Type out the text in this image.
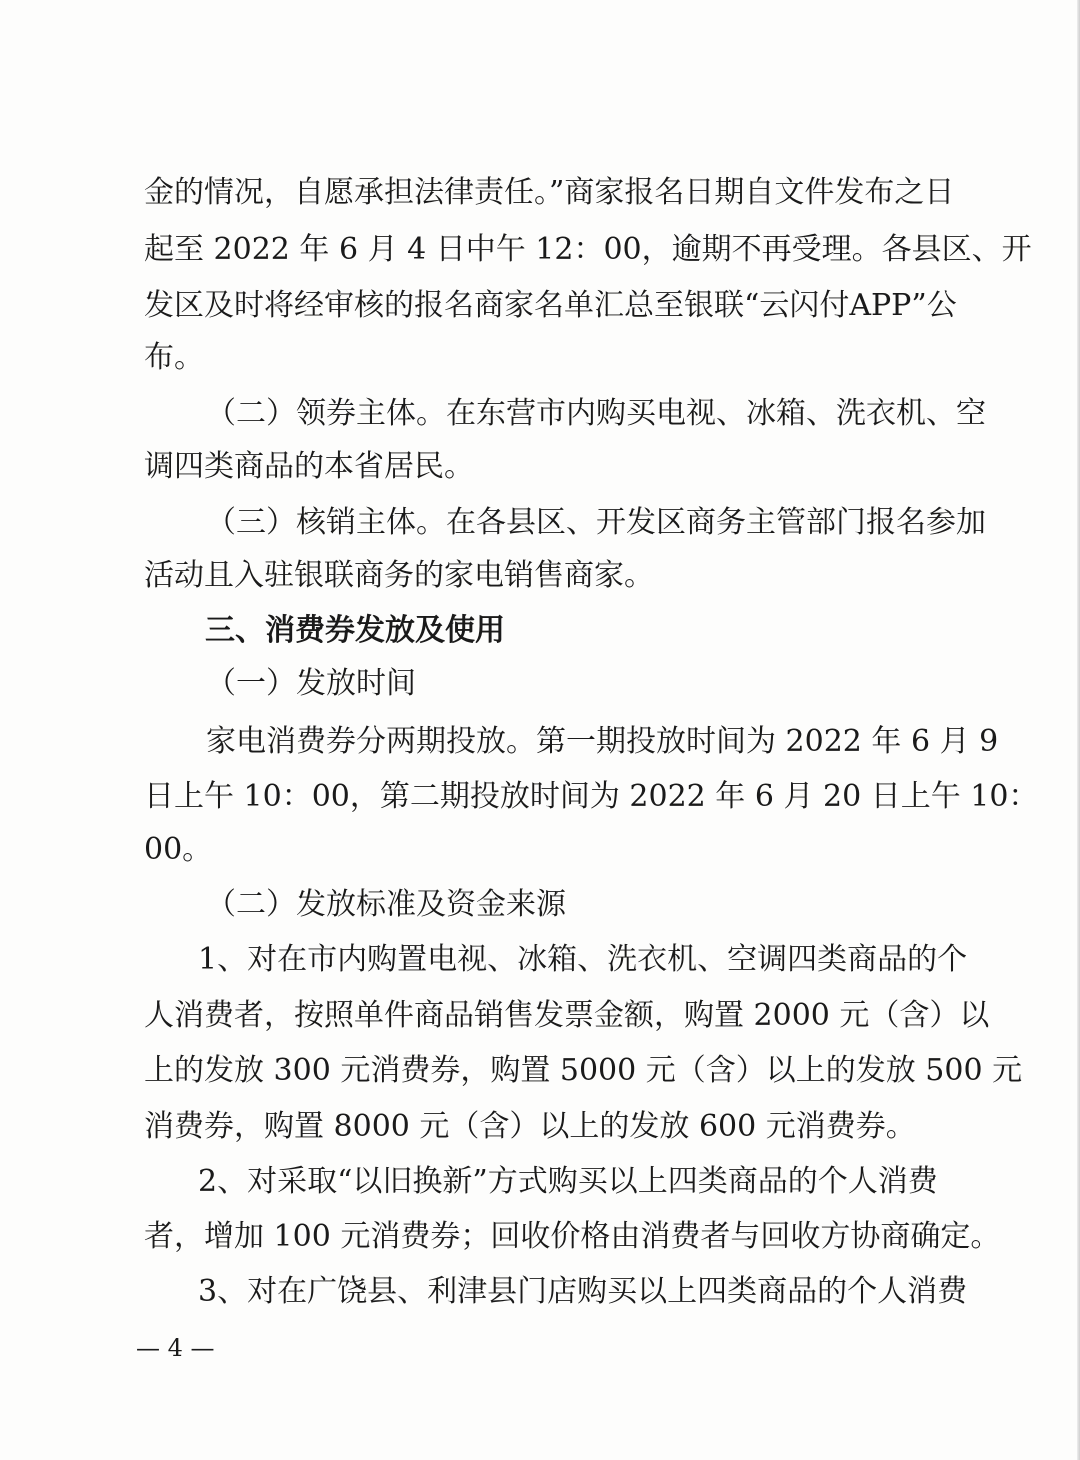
金的情况，自愿承担法律责任。”商家报名日期自文件发布之日
起至 2022 年 6 月 4 日中午 12：00，逾期不再受理。各县区、开
发区及时将经审核的报名商家名单汇总至银联“云闪付APP”公
布。
（二）领券主体。在东营市内购买电视、冰箱、洗衣机、空
调四类商品的本省居民。
（三）核销主体。在各县区、开发区商务主管部门报名参加
活动且入驻银联商务的家电销售商家。
三、消费券发放及使用
（一）发放时间
家电消费券分两期投放。第一期投放时间为 2022 年 6 月 9
日上午 10：00，第二期投放时间为 2022 年 6 月 20 日上午 10：
00。
（二）发放标准及资金来源
1、对在市内购置电视、冰箱、洗衣机、空调四类商品的个
人消费者，按照单件商品销售发票金额，购置 2000 元（含）以
上的发放 300 元消费券，购置 5000 元（含）以上的发放 500 元
消费券，购置 8000 元（含）以上的发放 600 元消费券。
2、对采取“以旧换新”方式购买以上四类商品的个人消费
者，增加 100 元消费券；回收价格由消费者与回收方协商确定。
3、对在广饶县、利津县门店购买以上四类商品的个人消费
— 4 —
